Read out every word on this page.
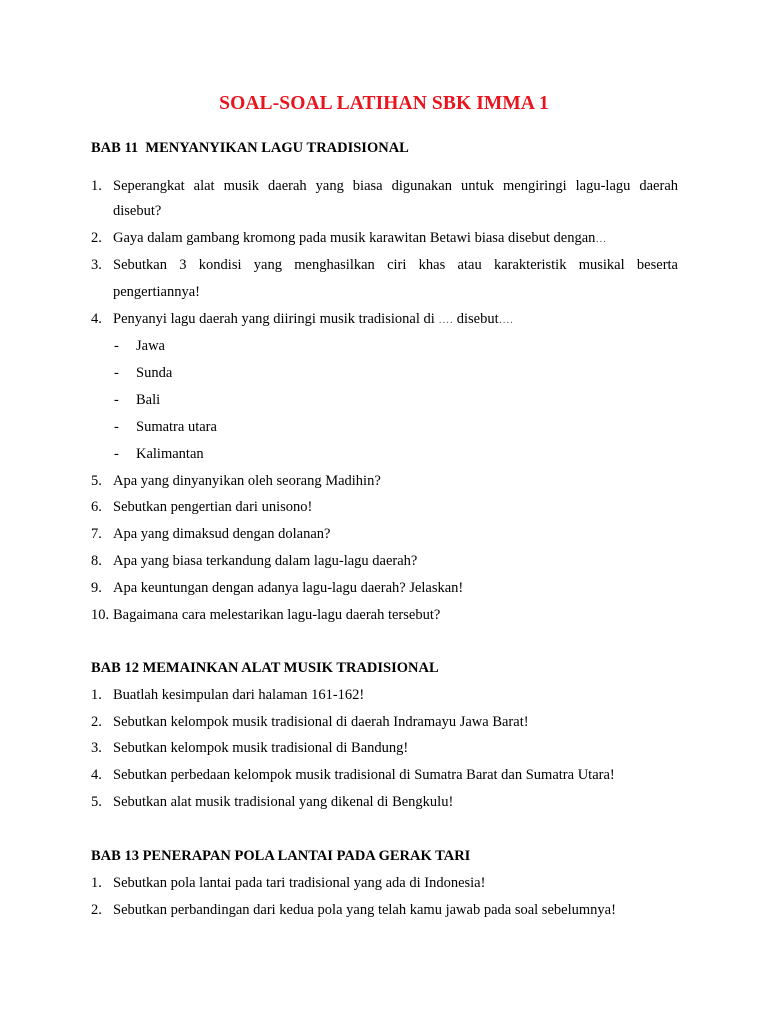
SOAL-SOAL LATIHAN SBK IMMA 1
BAB 11  MENYANYIKAN LAGU TRADISIONAL
1. Seperangkat alat musik daerah yang biasa digunakan untuk mengiringi lagu-lagu daerah
disebut?
2. Gaya dalam gambang kromong pada musik karawitan Betawi biasa disebut dengan…
3. Sebutkan 3 kondisi yang menghasilkan ciri khas atau karakteristik musikal beserta
pengertiannya!
4. Penyanyi lagu daerah yang diiringi musik tradisional di …. disebut….
- Jawa
- Sunda
- Bali
- Sumatra utara
- Kalimantan
5. Apa yang dinyanyikan oleh seorang Madihin?
6. Sebutkan pengertian dari unisono!
7. Apa yang dimaksud dengan dolanan?
8. Apa yang biasa terkandung dalam lagu-lagu daerah?
9. Apa keuntungan dengan adanya lagu-lagu daerah? Jelaskan!
10. Bagaimana cara melestarikan lagu-lagu daerah tersebut?
BAB 12 MEMAINKAN ALAT MUSIK TRADISIONAL
1. Buatlah kesimpulan dari halaman 161-162!
2. Sebutkan kelompok musik tradisional di daerah Indramayu Jawa Barat!
3. Sebutkan kelompok musik tradisional di Bandung!
4. Sebutkan perbedaan kelompok musik tradisional di Sumatra Barat dan Sumatra Utara!
5. Sebutkan alat musik tradisional yang dikenal di Bengkulu!
BAB 13 PENERAPAN POLA LANTAI PADA GERAK TARI
1. Sebutkan pola lantai pada tari tradisional yang ada di Indonesia!
2. Sebutkan perbandingan dari kedua pola yang telah kamu jawab pada soal sebelumnya!
